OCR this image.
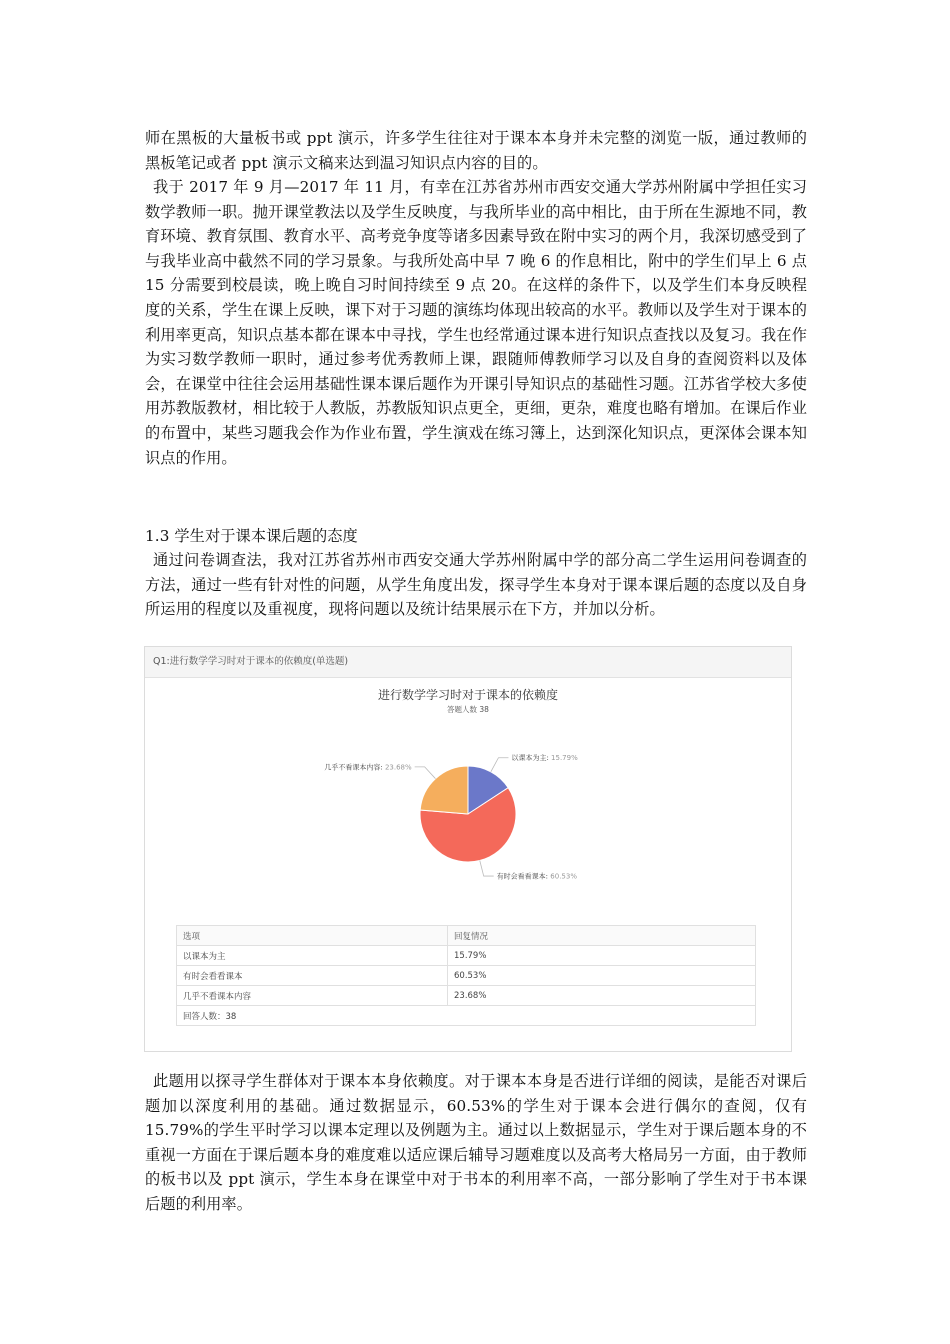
师在黑板的大量板书或 ppt 演示，许多学生往往对于课本本身并未完整的浏览一版，通过教师的黑板笔记或者 ppt 演示文稿来达到温习知识点内容的目的。

我于 2017 年 9 月—2017 年 11 月，有幸在江苏省苏州市西安交通大学苏州附属中学担任实习数学教师一职。抛开课堂教法以及学生反映度，与我所毕业的高中相比，由于所在生源地不同，教育环境、教育氛围、教育水平、高考竞争度等诸多因素导致在附中实习的两个月，我深切感受到了与我毕业高中截然不同的学习景象。与我所处高中早 7 晚 6 的作息相比，附中的学生们早上 6 点 15 分需要到校晨读，晚上晚自习时间持续至 9 点 20。在这样的条件下，以及学生们本身反映程度的关系，学生在课上反映，课下对于习题的演练均体现出较高的水平。教师以及学生对于课本的利用率更高，知识点基本都在课本中寻找，学生也经常通过课本进行知识点查找以及复习。我在作为实习数学教师一职时，通过参考优秀教师上课，跟随师傅教师学习以及自身的查阅资料以及体会，在课堂中往往会运用基础性课本课后题作为开课引导知识点的基础性习题。江苏省学校大多使用苏教版教材，相比较于人教版，苏教版知识点更全，更细，更杂，难度也略有增加。在课后作业的布置中，某些习题我会作为作业布置，学生演戏在练习簿上，达到深化知识点，更深体会课本知识点的作用。

1.3 学生对于课本课后题的态度

通过问卷调查法，我对江苏省苏州市西安交通大学苏州附属中学的部分高二学生运用问卷调查的方法，通过一些有针对性的问题，从学生角度出发，探寻学生本身对于课本课后题的态度以及自身所运用的程度以及重视度，现将问题以及统计结果展示在下方，并加以分析。

Q1:进行数学学习时对于课本的依赖度(单选题)
进行数学学习时对于课本的依赖度
答题人数 38
以课本为主: 15.79%
有时会看看课本: 60.53%
几乎不看课本内容: 23.68%
选项	回复情况
以课本为主	15.79%
有时会看看课本	60.53%
几乎不看课本内容	23.68%
回答人数：38	

此题用以探寻学生群体对于课本本身依赖度。对于课本本身是否进行详细的阅读，是能否对课后题加以深度利用的基础。通过数据显示，60.53%的学生对于课本会进行偶尔的查阅，仅有 15.79%的学生平时学习以课本定理以及例题为主。通过以上数据显示，学生对于课后题本身的不重视一方面在于课后题本身的难度难以适应课后辅导习题难度以及高考大格局另一方面，由于教师的板书以及 ppt 演示，学生本身在课堂中对于书本的利用率不高，一部分影响了学生对于书本课后题的利用率。
